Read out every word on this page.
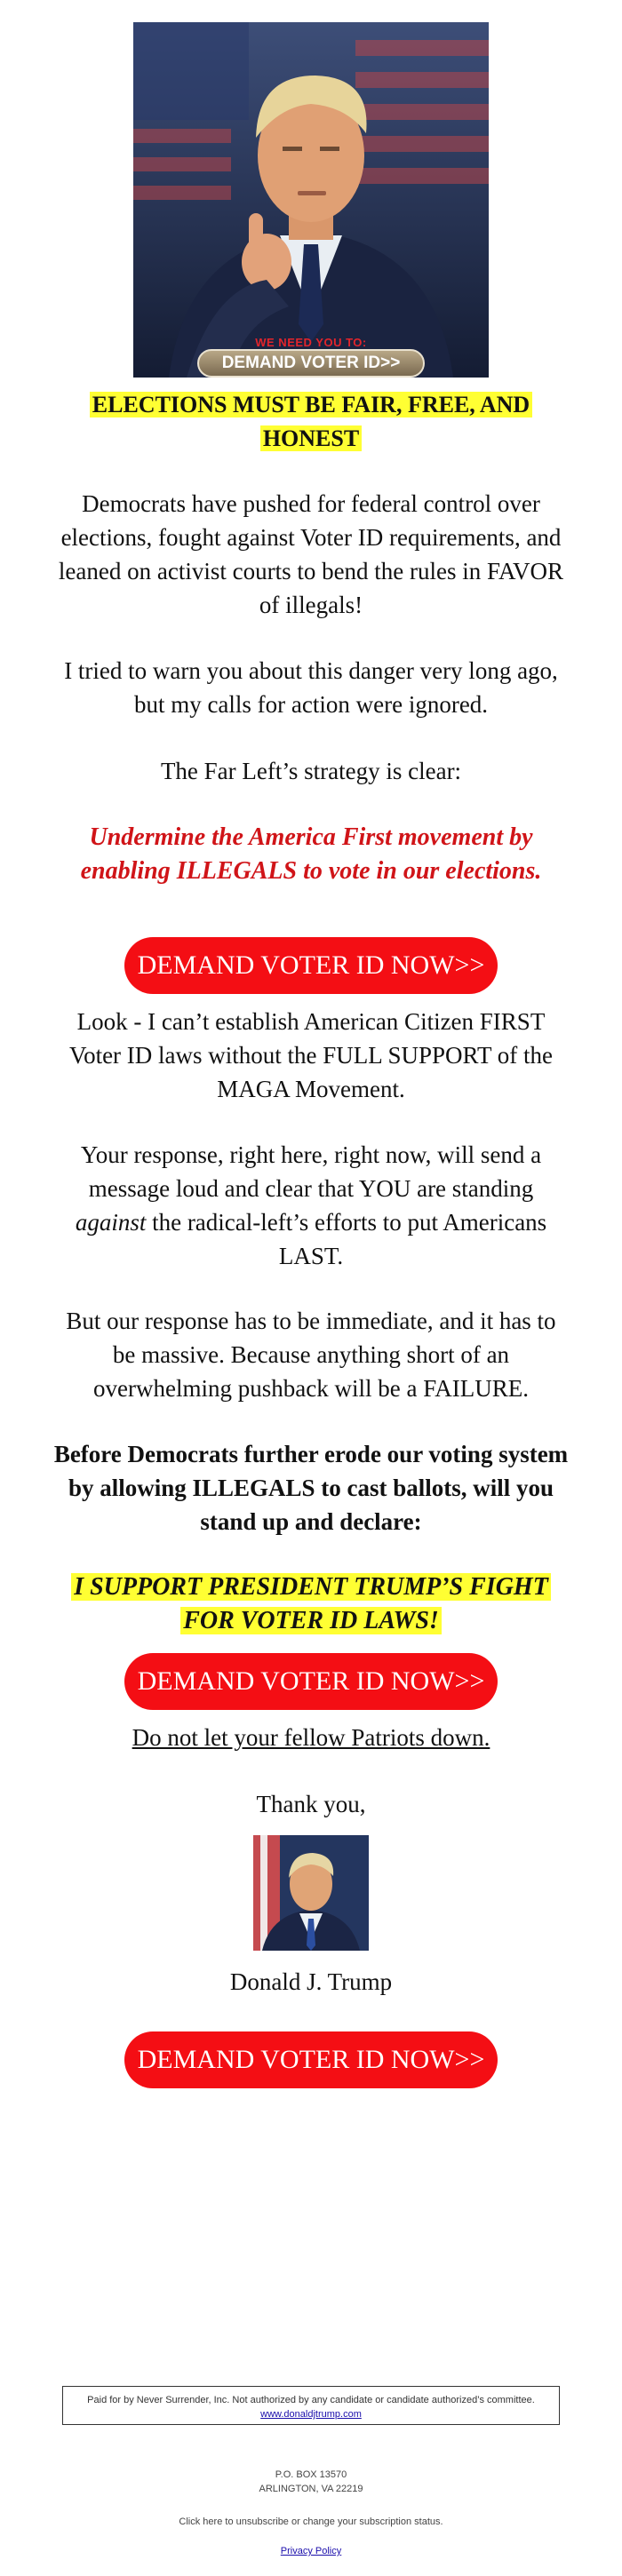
WE NEED YOU TO:
DEMAND VOTER ID>>

ELECTIONS MUST BE FAIR, FREE, AND
HONEST

Democrats have pushed for federal control over elections, fought against Voter ID requirements, and leaned on activist courts to bend the rules in FAVOR of illegals!

I tried to warn you about this danger very long ago, but my calls for action were ignored.

The Far Left’s strategy is clear:

Undermine the America First movement by enabling ILLEGALS to vote in our elections.

DEMAND VOTER ID NOW>>

Look - I can’t establish American Citizen FIRST Voter ID laws without the FULL SUPPORT of the MAGA Movement.

Your response, right here, right now, will send a message loud and clear that YOU are standing against the radical-left’s efforts to put Americans LAST.

But our response has to be immediate, and it has to be massive. Because anything short of an overwhelming pushback will be a FAILURE.

Before Democrats further erode our voting system by allowing ILLEGALS to cast ballots, will you stand up and declare:

I SUPPORT PRESIDENT TRUMP’S FIGHT
FOR VOTER ID LAWS!

DEMAND VOTER ID NOW>>

Do not let your fellow Patriots down.

Thank you,

Donald J. Trump

DEMAND VOTER ID NOW>>
Paid for by Never Surrender, Inc. Not authorized by any candidate or candidate authorized’s committee.
www.donaldjtrump.com
P.O. BOX 13570
ARLINGTON, VA 22219
Click here to unsubscribe or change your subscription status.
Privacy Policy
